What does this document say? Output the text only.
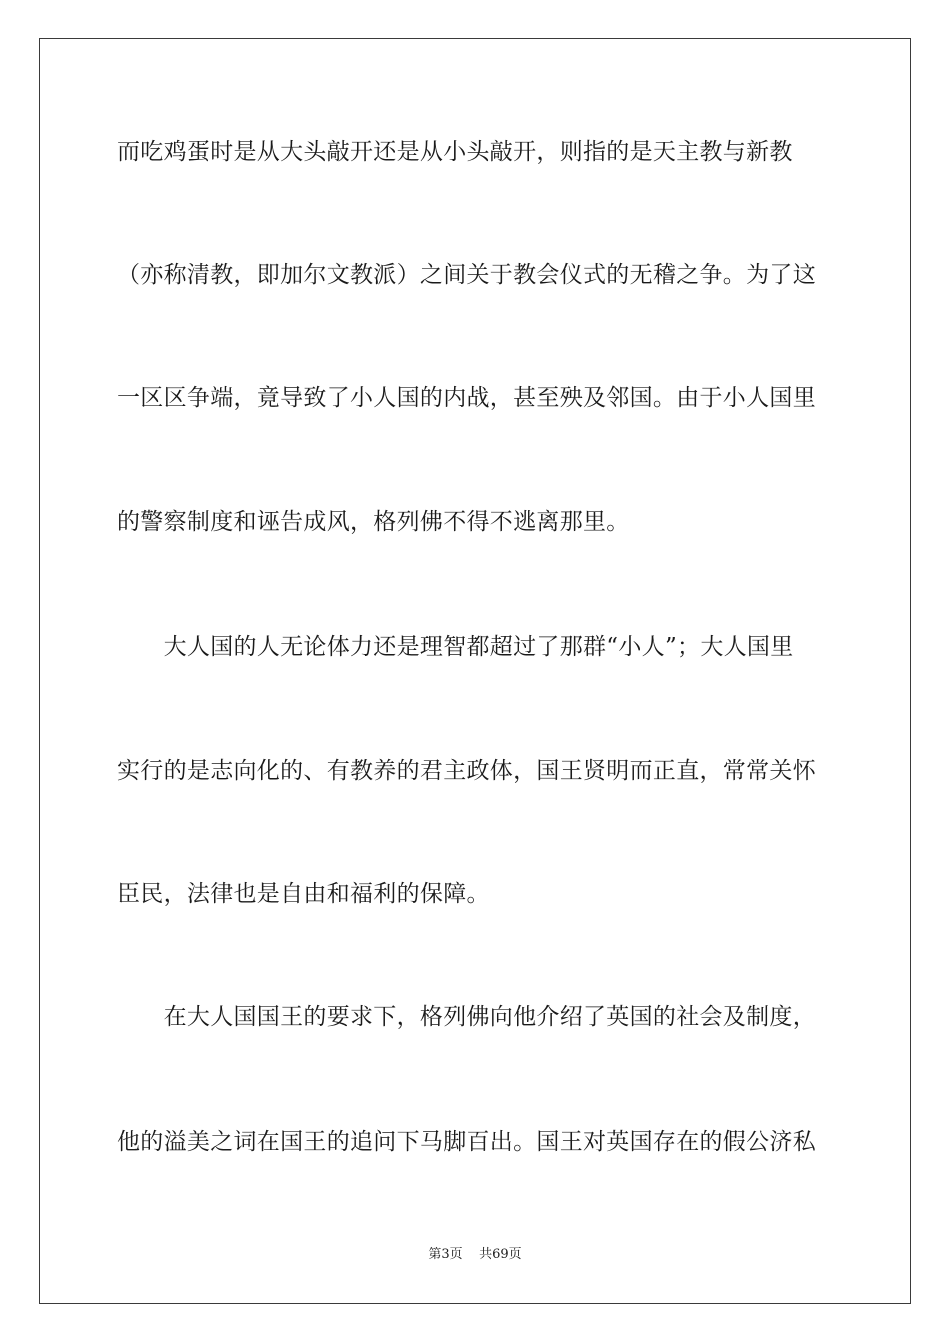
而吃鸡蛋时是从大头敲开还是从小头敲开，则指的是天主教与新教
（亦称清教，即加尔文教派）之间关于教会仪式的无稽之争。为了这
一区区争端，竟导致了小人国的内战，甚至殃及邻国。由于小人国里
的警察制度和诬告成风，格列佛不得不逃离那里。
　　大人国的人无论体力还是理智都超过了那群“小人”；大人国里
实行的是志向化的、有教养的君主政体，国王贤明而正直，常常关怀
臣民，法律也是自由和福利的保障。
　　在大人国国王的要求下，格列佛向他介绍了英国的社会及制度，
他的溢美之词在国王的追问下马脚百出。国王对英国存在的假公济私
第3页 共69页
